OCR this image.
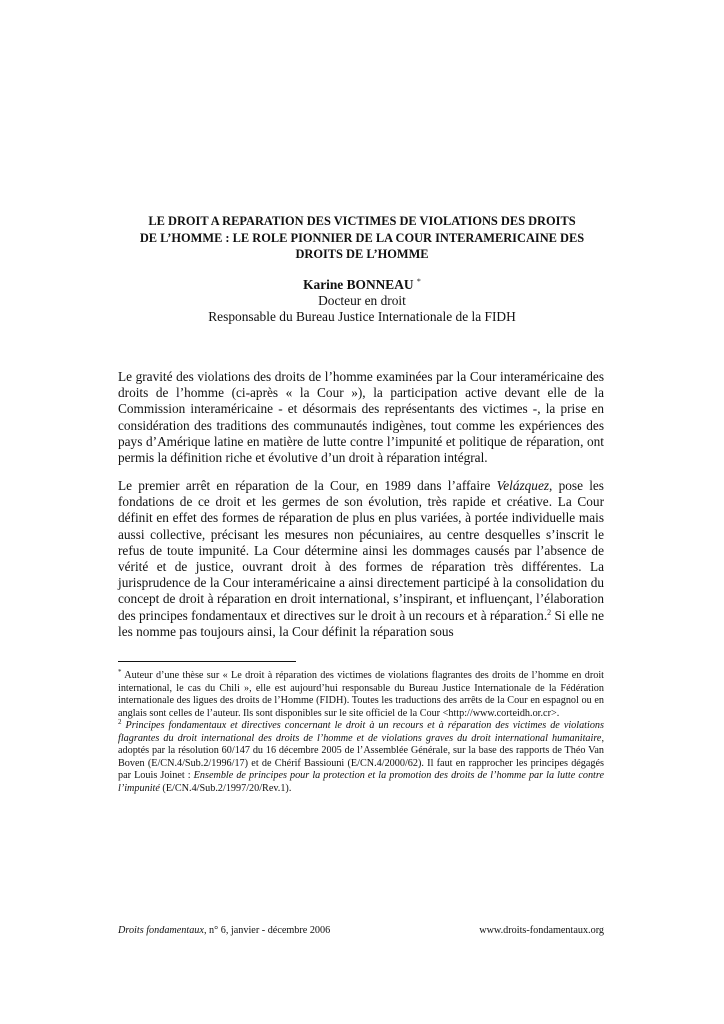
LE DROIT A REPARATION DES VICTIMES DE VIOLATIONS DES DROITS
DE L’HOMME : LE ROLE PIONNIER DE LA COUR INTERAMERICAINE DES
DROITS DE L’HOMME
Karine BONNEAU *
Docteur en droit
Responsable du Bureau Justice Internationale de la FIDH

Le gravité des violations des droits de l’homme examinées par la Cour interaméricaine des droits de l’homme (ci-après « la Cour »), la participation active devant elle de la Commission interaméricaine - et désormais des représentants des victimes -, la prise en considération des traditions des communautés indigènes, tout comme les expériences des pays d’Amérique latine en matière de lutte contre l’impunité et politique de réparation, ont permis la définition riche et évolutive d’un droit à réparation intégral.

Le premier arrêt en réparation de la Cour, en 1989 dans l’affaire Velázquez, pose les fondations de ce droit et les germes de son évolution, très rapide et créative. La Cour définit en effet des formes de réparation de plus en plus variées, à portée individuelle mais aussi collective, précisant les mesures non pécuniaires, au centre desquelles s’inscrit le refus de toute impunité. La Cour détermine ainsi les dommages causés par l’absence de vérité et de justice, ouvrant droit à des formes de réparation très différentes. La jurisprudence de la Cour interaméricaine a ainsi directement participé à la consolidation du concept de droit à réparation en droit international, s’inspirant, et influençant, l’élaboration des principes fondamentaux et directives sur le droit à un recours et à réparation.$^2$ Si elle ne les nomme pas toujours ainsi, la Cour définit la réparation sous

* Auteur d’une thèse sur « Le droit à réparation des victimes de violations flagrantes des droits de l’homme en droit international, le cas du Chili », elle est aujourd’hui responsable du Bureau Justice Internationale de la Fédération internationale des ligues des droits de l’Homme (FIDH). Toutes les traductions des arrêts de la Cour en espagnol ou en anglais sont celles de l’auteur. Ils sont disponibles sur le site officiel de la Cour <http://www.corteidh.or.cr>.

$^2$ Principes fondamentaux et directives concernant le droit à un recours et à réparation des victimes de violations flagrantes du droit international des droits de l’homme et de violations graves du droit international humanitaire, adoptés par la résolution 60/147 du 16 décembre 2005 de l’Assemblée Générale, sur la base des rapports de Théo Van Boven (E/CN.4/Sub.2/1996/17) et de Chérif Bassiouni (E/CN.4/2000/62). Il faut en rapprocher les principes dégagés par Louis Joinet : Ensemble de principes pour la protection et la promotion des droits de l’homme par la lutte contre l’impunité (E/CN.4/Sub.2/1997/20/Rev.1).

Droits fondamentaux, n° 6, janvier - décembre 2006	www.droits-fondamentaux.org
